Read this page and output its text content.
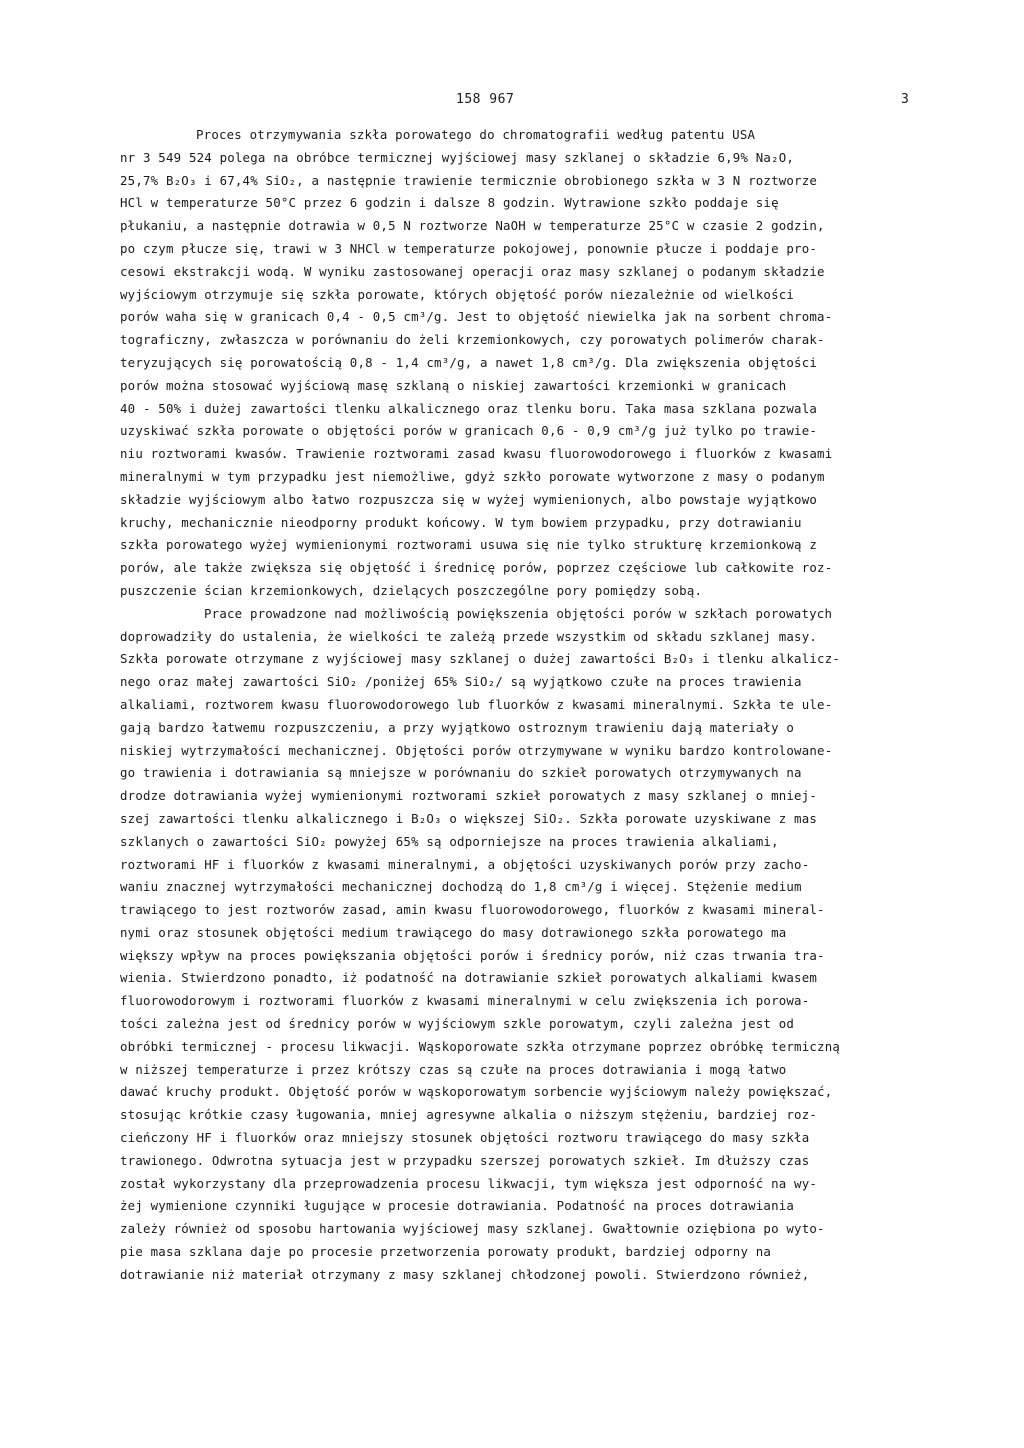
158 967	3
Proces otrzymywania szkła porowatego do chromatografii według patentu USA
nr 3 549 524 polega na obróbce termicznej wyjściowej masy szklanej o składzie 6,9% Na₂O,
25,7% B₂O₃ i 67,4% SiO₂, a następnie trawienie termicznie obrobionego szkła w 3 N roztworze
HCl w temperaturze 50°C przez 6 godzin i dalsze 8 godzin. Wytrawione szkło poddaje się
płukaniu, a następnie dotrawia w 0,5 N roztworze NaOH w temperaturze 25°C w czasie 2 godzin,
po czym płucze się, trawi w 3 NHCl w temperaturze pokojowej, ponownie płucze i poddaje pro-
cesowi ekstrakcji wodą. W wyniku zastosowanej operacji oraz masy szklanej o podanym składzie
wyjściowym otrzymuje się szkła porowate, których objętość porów niezależnie od wielkości
porów waha się w granicach 0,4 - 0,5 cm³/g. Jest to objętość niewielka jak na sorbent chroma-
tograficzny, zwłaszcza w porównaniu do żeli krzemionkowych, czy porowatych polimerów charak-
teryzujących się porowatością 0,8 - 1,4 cm³/g, a nawet 1,8 cm³/g. Dla zwiększenia objętości
porów można stosować wyjściową masę szklaną o niskiej zawartości krzemionki w granicach
40 - 50% i dużej zawartości tlenku alkalicznego oraz tlenku boru. Taka masa szklana pozwala
uzyskiwać szkła porowate o objętości porów w granicach 0,6 - 0,9 cm³/g już tylko po trawie-
niu roztworami kwasów. Trawienie roztworami zasad kwasu fluorowodorowego i fluorków z kwasami
mineralnymi w tym przypadku jest niemożliwe, gdyż szkło porowate wytworzone z masy o podanym
składzie wyjściowym albo łatwo rozpuszcza się w wyżej wymienionych, albo powstaje wyjątkowo
kruchy, mechanicznie nieodporny produkt końcowy. W tym bowiem przypadku, przy dotrawianiu
szkła porowatego wyżej wymienionymi roztworami usuwa się nie tylko strukturę krzemionkową z
porów, ale także zwiększa się objętość i średnicę porów, poprzez częściowe lub całkowite roz-
puszczenie ścian krzemionkowych, dzielących poszczególne pory pomiędzy sobą.
Prace prowadzone nad możliwością powiększenia objętości porów w szkłach porowatych
doprowadziły do ustalenia, że wielkości te zależą przede wszystkim od składu szklanej masy.
Szkła porowate otrzymane z wyjściowej masy szklanej o dużej zawartości B₂O₃ i tlenku alkalicz-
nego oraz małej zawartości SiO₂ /poniżej 65% SiO₂/ są wyjątkowo czułe na proces trawienia
alkaliami, roztworem kwasu fluorowodorowego lub fluorków z kwasami mineralnymi. Szkła te ule-
gają bardzo łatwemu rozpuszczeniu, a przy wyjątkowo ostroznym trawieniu dają materiały o
niskiej wytrzymałości mechanicznej. Objętości porów otrzymywane w wyniku bardzo kontrolowane-
go trawienia i dotrawiania są mniejsze w porównaniu do szkieł porowatych otrzymywanych na
drodze dotrawiania wyżej wymienionymi roztworami szkieł porowatych z masy szklanej o mniej-
szej zawartości tlenku alkalicznego i B₂O₃ o większej SiO₂. Szkła porowate uzyskiwane z mas
szklanych o zawartości SiO₂ powyżej 65% są odporniejsze na proces trawienia alkaliami,
roztworami HF i fluorków z kwasami mineralnymi, a objętości uzyskiwanych porów przy zacho-
waniu znacznej wytrzymałości mechanicznej dochodzą do 1,8 cm³/g i więcej. Stężenie medium
trawiącego to jest roztworów zasad, amin kwasu fluorowodorowego, fluorków z kwasami mineral-
nymi oraz stosunek objętości medium trawiącego do masy dotrawionego szkła porowatego ma
większy wpływ na proces powiększania objętości porów i średnicy porów, niż czas trwania tra-
wienia. Stwierdzono ponadto, iż podatność na dotrawianie szkieł porowatych alkaliami kwasem
fluorowodorowym i roztworami fluorków z kwasami mineralnymi w celu zwiększenia ich porowa-
tości zależna jest od średnicy porów w wyjściowym szkle porowatym, czyli zależna jest od
obróbki termicznej - procesu likwacji. Wąskoporowate szkła otrzymane poprzez obróbkę termiczną
w niższej temperaturze i przez krótszy czas są czułe na proces dotrawiania i mogą łatwo
dawać kruchy produkt. Objętość porów w wąskoporowatym sorbencie wyjściowym należy powiększać,
stosując krótkie czasy ługowania, mniej agresywne alkalia o niższym stężeniu, bardziej roz-
cieńczony HF i fluorków oraz mniejszy stosunek objętości roztworu trawiącego do masy szkła
trawionego. Odwrotna sytuacja jest w przypadku szerszej porowatych szkieł. Im dłuższy czas
został wykorzystany dla przeprowadzenia procesu likwacji, tym większa jest odporność na wy-
żej wymienione czynniki ługujące w procesie dotrawiania. Podatność na proces dotrawiania
zależy również od sposobu hartowania wyjściowej masy szklanej. Gwałtownie oziębiona po wyto-
pie masa szklana daje po procesie przetworzenia porowaty produkt, bardziej odporny na
dotrawianie niż materiał otrzymany z masy szklanej chłodzonej powoli. Stwierdzono również,
